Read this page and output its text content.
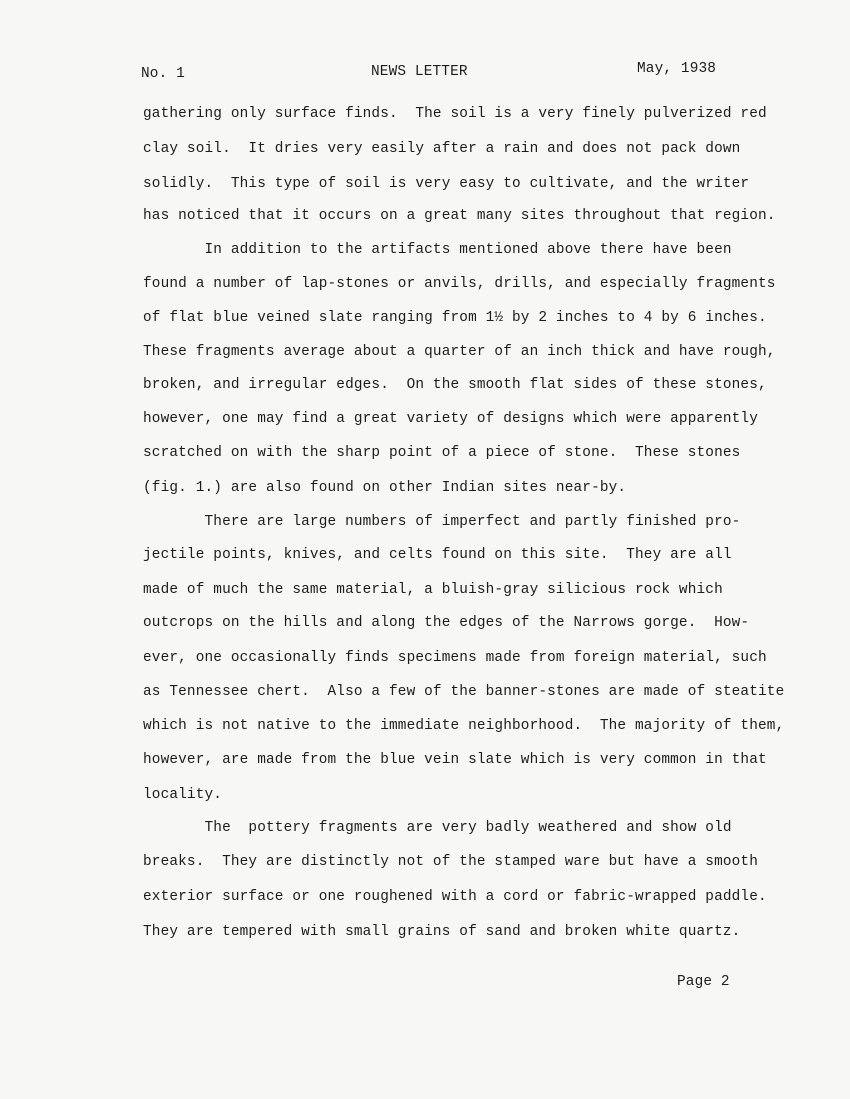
No. 1	NEWS LETTER	May, 1938
gathering only surface finds.  The soil is a very finely pulverized red
clay soil.  It dries very easily after a rain and does not pack down
solidly.  This type of soil is very easy to cultivate, and the writer
has noticed that it occurs on a great many sites throughout that region.
In addition to the artifacts mentioned above there have been
found a number of lap-stones or anvils, drills, and especially fragments
of flat blue veined slate ranging from 1½ by 2 inches to 4 by 6 inches.
These fragments average about a quarter of an inch thick and have rough,
broken, and irregular edges.  On the smooth flat sides of these stones,
however, one may find a great variety of designs which were apparently
scratched on with the sharp point of a piece of stone.  These stones
(fig. 1.) are also found on other Indian sites near-by.
There are large numbers of imperfect and partly finished pro-
jectile points, knives, and celts found on this site.  They are all
made of much the same material, a bluish-gray silicious rock which
outcrops on the hills and along the edges of the Narrows gorge.  How-
ever, one occasionally finds specimens made from foreign material, such
as Tennessee chert.  Also a few of the banner-stones are made of steatite
which is not native to the immediate neighborhood.  The majority of them,
however, are made from the blue vein slate which is very common in that
locality.
The  pottery fragments are very badly weathered and show old
breaks.  They are distinctly not of the stamped ware but have a smooth
exterior surface or one roughened with a cord or fabric-wrapped paddle.
They are tempered with small grains of sand and broken white quartz.
Page 2
